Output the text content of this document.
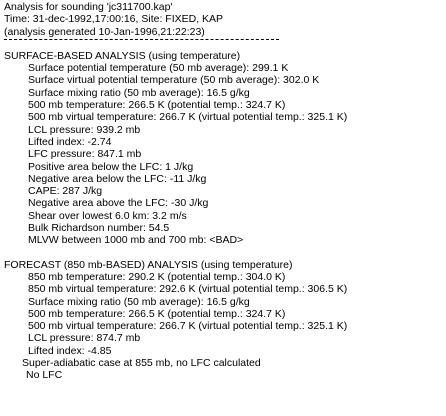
Analysis for sounding 'jc311700.kap'
Time: 31-dec-1992,17:00:16, Site: FIXED, KAP
(analysis generated 10-Jan-1996,21:22:23)
SURFACE-BASED ANALYSIS (using temperature)
Surface potential temperature (50 mb average): 299.1 K
Surface virtual potential temperature (50 mb average): 302.0 K
Surface mixing ratio (50 mb average): 16.5 g/kg
500 mb temperature: 266.5 K (potential temp.: 324.7 K)
500 mb virtual temperature: 266.7 K (virtual potential temp.: 325.1 K)
LCL pressure: 939.2 mb
Lifted index: -2.74
LFC pressure: 847.1 mb
Positive area below the LFC: 1 J/kg
Negative area below the LFC: -11 J/kg
CAPE: 287 J/kg
Negative area above the LFC: -30 J/kg
Shear over lowest 6.0 km: 3.2 m/s
Bulk Richardson number: 54.5
MLVW between 1000 mb and 700 mb: <BAD>
FORECAST (850 mb-BASED) ANALYSIS (using temperature)
850 mb temperature: 290.2 K (potential temp.: 304.0 K)
850 mb virtual temperature: 292.6 K (virtual potential temp.: 306.5 K)
Surface mixing ratio (50 mb average): 16.5 g/kg
500 mb temperature: 266.5 K (potential temp.: 324.7 K)
500 mb virtual temperature: 266.7 K (virtual potential temp.: 325.1 K)
LCL pressure: 874.7 mb
Lifted index: -4.85
Super-adiabatic case at 855 mb, no LFC calculated
No LFC
